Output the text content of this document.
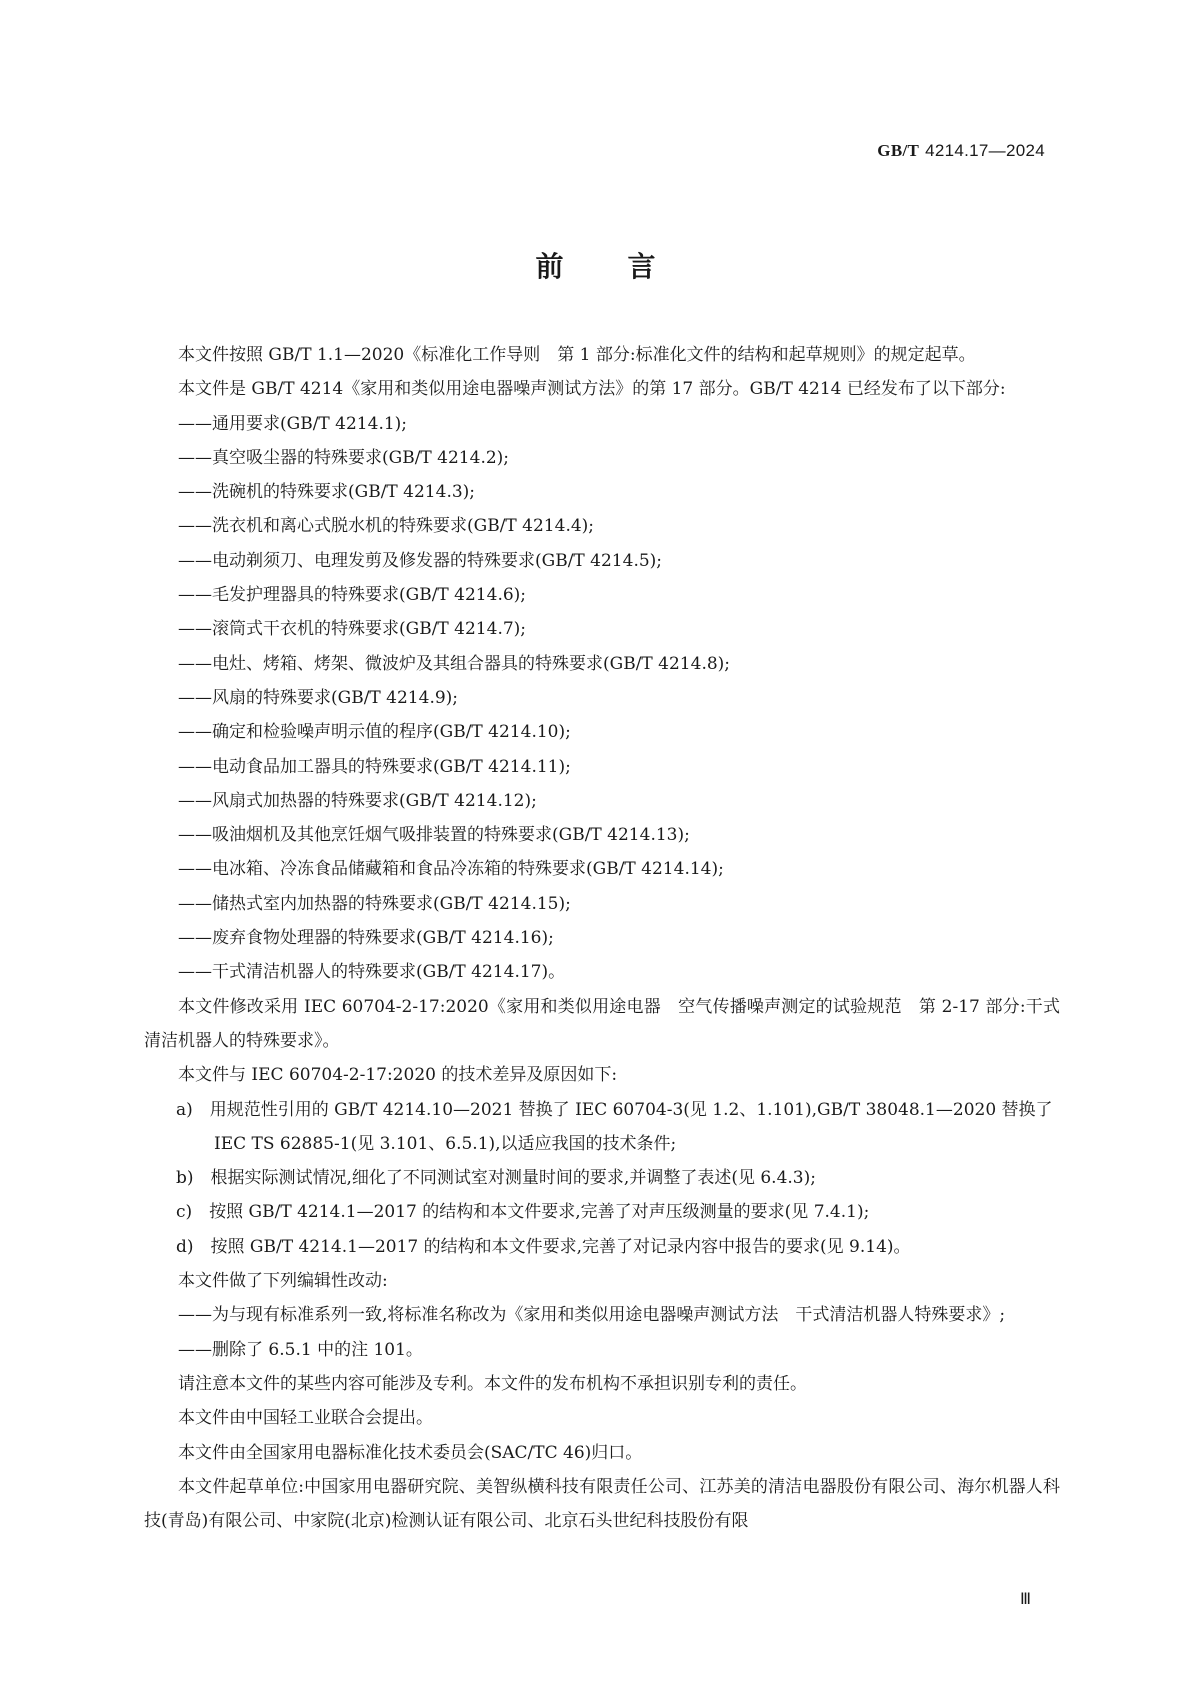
GB/T 4214.17—2024
前言
本文件按照 GB/T 1.1—2020《标准化工作导则　第 1 部分:标准化文件的结构和起草规则》的规定起草。
本文件是 GB/T 4214《家用和类似用途电器噪声测试方法》的第 17 部分。GB/T 4214 已经发布了以下部分:
——通用要求(GB/T 4214.1);
——真空吸尘器的特殊要求(GB/T 4214.2);
——洗碗机的特殊要求(GB/T 4214.3);
——洗衣机和离心式脱水机的特殊要求(GB/T 4214.4);
——电动剃须刀、电理发剪及修发器的特殊要求(GB/T 4214.5);
——毛发护理器具的特殊要求(GB/T 4214.6);
——滚筒式干衣机的特殊要求(GB/T 4214.7);
——电灶、烤箱、烤架、微波炉及其组合器具的特殊要求(GB/T 4214.8);
——风扇的特殊要求(GB/T 4214.9);
——确定和检验噪声明示值的程序(GB/T 4214.10);
——电动食品加工器具的特殊要求(GB/T 4214.11);
——风扇式加热器的特殊要求(GB/T 4214.12);
——吸油烟机及其他烹饪烟气吸排装置的特殊要求(GB/T 4214.13);
——电冰箱、冷冻食品储藏箱和食品冷冻箱的特殊要求(GB/T 4214.14);
——储热式室内加热器的特殊要求(GB/T 4214.15);
——废弃食物处理器的特殊要求(GB/T 4214.16);
——干式清洁机器人的特殊要求(GB/T 4214.17)。
本文件修改采用 IEC 60704-2-17:2020《家用和类似用途电器　空气传播噪声测定的试验规范　第 2-17 部分:干式清洁机器人的特殊要求》。
本文件与 IEC 60704-2-17:2020 的技术差异及原因如下:
a)　用规范性引用的 GB/T 4214.10—2021 替换了 IEC 60704-3(见 1.2、1.101),GB/T 38048.1—2020 替换了 IEC TS 62885-1(见 3.101、6.5.1),以适应我国的技术条件;
b)　根据实际测试情况,细化了不同测试室对测量时间的要求,并调整了表述(见 6.4.3);
c)　按照 GB/T 4214.1—2017 的结构和本文件要求,完善了对声压级测量的要求(见 7.4.1);
d)　按照 GB/T 4214.1—2017 的结构和本文件要求,完善了对记录内容中报告的要求(见 9.14)。
本文件做了下列编辑性改动:
——为与现有标准系列一致,将标准名称改为《家用和类似用途电器噪声测试方法　干式清洁机器人特殊要求》;
——删除了 6.5.1 中的注 101。
请注意本文件的某些内容可能涉及专利。本文件的发布机构不承担识别专利的责任。
本文件由中国轻工业联合会提出。
本文件由全国家用电器标准化技术委员会(SAC/TC 46)归口。
本文件起草单位:中国家用电器研究院、美智纵横科技有限责任公司、江苏美的清洁电器股份有限公司、海尔机器人科技(青岛)有限公司、中家院(北京)检测认证有限公司、北京石头世纪科技股份有限
Ⅲ
